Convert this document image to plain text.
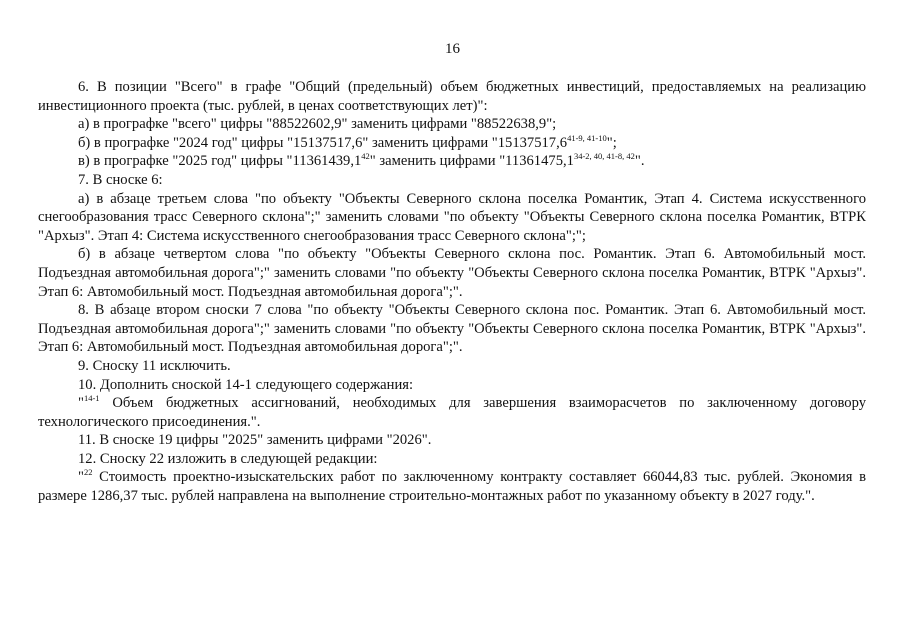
16

6. В позиции "Всего" в графе "Общий (предельный) объем бюджетных инвестиций, предоставляемых на реализацию инвестиционного проекта (тыс. рублей, в ценах соответствующих лет)":

а) в прографке "всего" цифры "88522602,9" заменить цифрами "88522638,9";

б) в прографке "2024 год" цифры "15137517,6" заменить цифрами "15137517,6$^{41-9, 41-10}$";

в) в прографке "2025 год" цифры "11361439,1$^{42}$" заменить цифрами "11361475,1$^{34-2, 40, 41-8, 42}$".

7. В сноске 6:

а) в абзаце третьем слова "по объекту "Объекты Северного склона поселка Романтик, Этап 4. Система искусственного снегообразования трасс Северного склона";" заменить словами "по объекту "Объекты Северного склона поселка Романтик, ВТРК "Архыз". Этап 4: Система искусственного снегообразования трасс Северного склона";";

б) в абзаце четвертом слова "по объекту "Объекты Северного склона пос. Романтик. Этап 6. Автомобильный мост. Подъездная автомобильная дорога";" заменить словами "по объекту "Объекты Северного склона поселка Романтик, ВТРК "Архыз". Этап 6: Автомобильный мост. Подъездная автомобильная дорога";".

8. В абзаце втором сноски 7 слова "по объекту "Объекты Северного склона пос. Романтик. Этап 6. Автомобильный мост. Подъездная автомобильная дорога";" заменить словами "по объекту "Объекты Северного склона поселка Романтик, ВТРК "Архыз". Этап 6: Автомобильный мост. Подъездная автомобильная дорога";".

9. Сноску 11 исключить.

10. Дополнить сноской 14-1 следующего содержания:

"$^{14-1}$ Объем бюджетных ассигнований, необходимых для завершения взаиморасчетов по заключенному договору технологического присоединения.".

11. В сноске 19 цифры "2025" заменить цифрами "2026".

12. Сноску 22 изложить в следующей редакции:

"$^{22}$ Стоимость проектно-изыскательских работ по заключенному контракту составляет 66044,83 тыс. рублей. Экономия в размере 1286,37 тыс. рублей направлена на выполнение строительно-монтажных работ по указанному объекту в 2027 году.".
